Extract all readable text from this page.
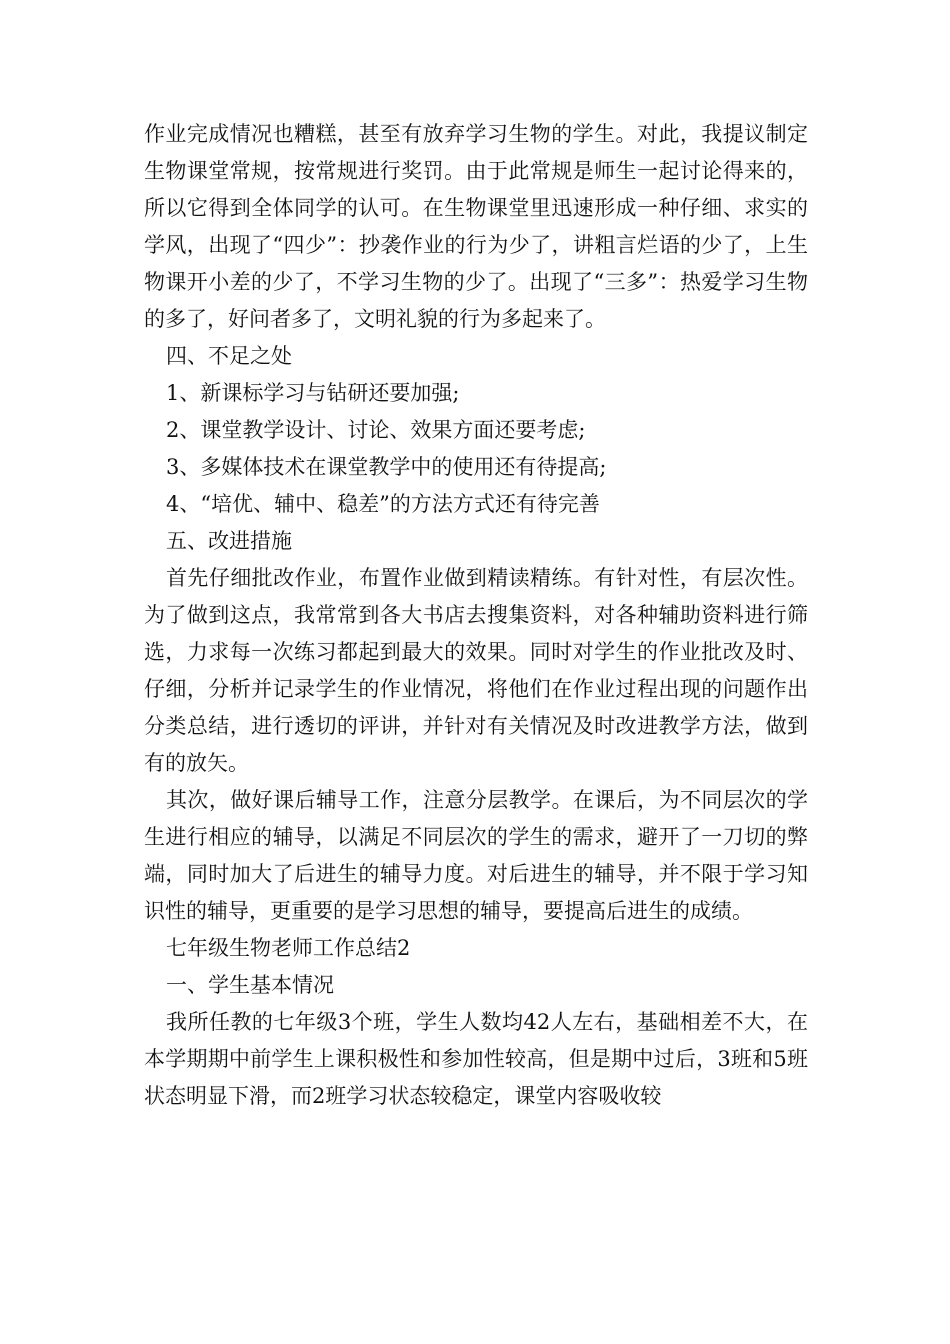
作业完成情况也糟糕，甚至有放弃学习生物的学生。对此，我提议制定生物课堂常规，按常规进行奖罚。由于此常规是师生一起讨论得来的，所以它得到全体同学的认可。在生物课堂里迅速形成一种仔细、求实的学风，出现了“四少”：抄袭作业的行为少了，讲粗言烂语的少了，上生物课开小差的少了，不学习生物的少了。出现了“三多”：热爱学习生物的多了，好问者多了，文明礼貌的行为多起来了。

四、不足之处

1、新课标学习与钻研还要加强;

2、课堂教学设计、讨论、效果方面还要考虑;

3、多媒体技术在课堂教学中的使用还有待提高;

4、“培优、辅中、稳差”的方法方式还有待完善

五、改进措施

首先仔细批改作业，布置作业做到精读精练。有针对性，有层次性。为了做到这点，我常常到各大书店去搜集资料，对各种辅助资料进行筛选，力求每一次练习都起到最大的效果。同时对学生的作业批改及时、仔细，分析并记录学生的作业情况，将他们在作业过程出现的问题作出分类总结，进行透切的评讲，并针对有关情况及时改进教学方法，做到有的放矢。

其次，做好课后辅导工作，注意分层教学。在课后，为不同层次的学生进行相应的辅导，以满足不同层次的学生的需求，避开了一刀切的弊端，同时加大了后进生的辅导力度。对后进生的辅导，并不限于学习知识性的辅导，更重要的是学习思想的辅导，要提高后进生的成绩。

七年级生物老师工作总结2

一、学生基本情况

我所任教的七年级3个班，学生人数均42人左右，基础相差不大，在本学期期中前学生上课积极性和参加性较高，但是期中过后，3班和5班状态明显下滑，而2班学习状态较稳定，课堂内容吸收较
